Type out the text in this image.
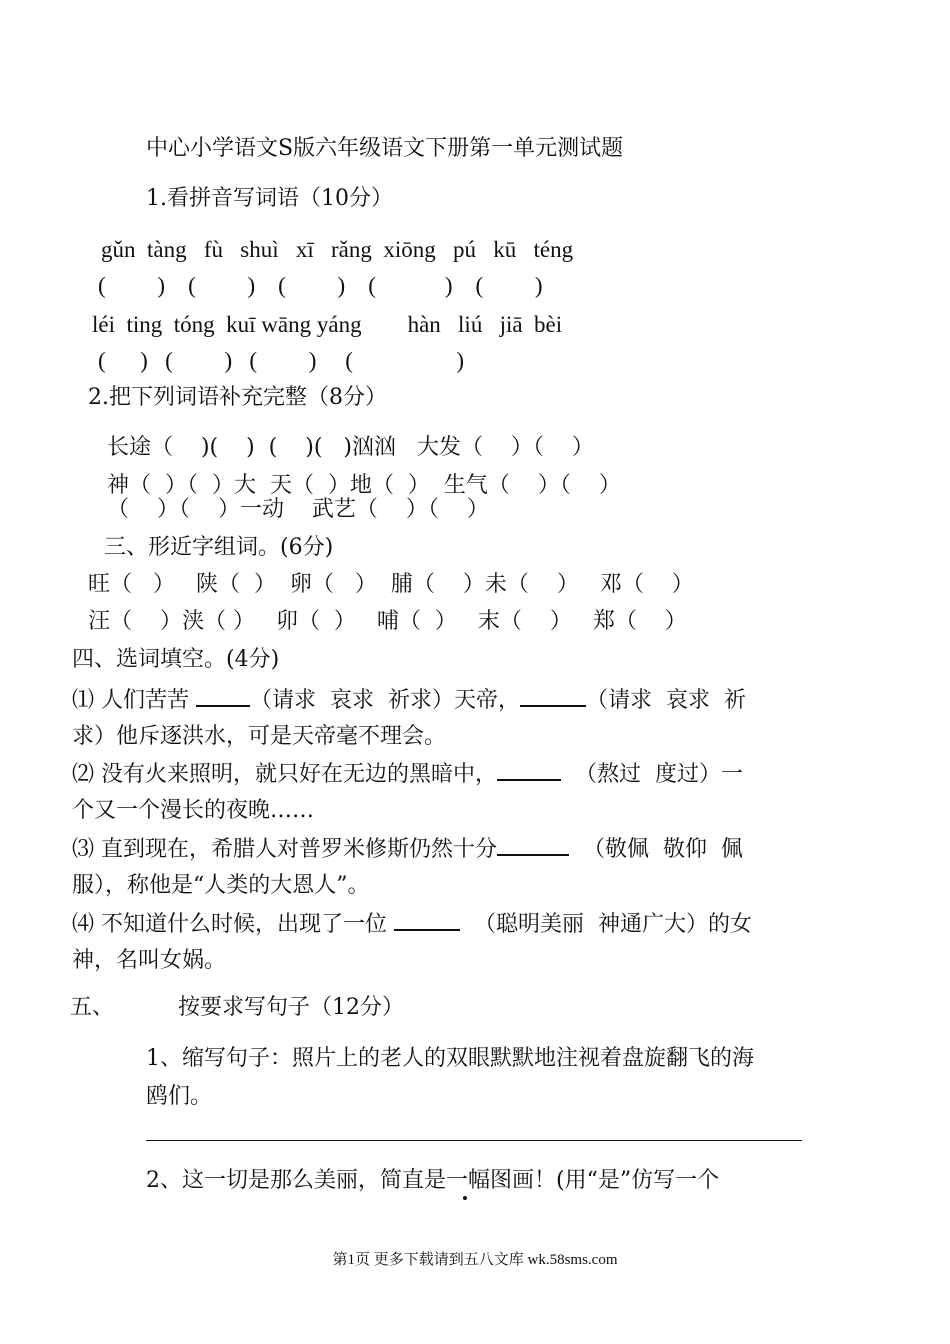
中心小学语文S版六年级语文下册第一单元测试题
1.看拼音写词语（10分）
gǔn  tàng   fù   shuì   xī   rǎng  xiōng   pú   kū   téng
(         )    (         )    (         )    (            )    (         )
léi  ting  tóng  kuī wāng yáng        hàn   liú   jiā  bèi
(      )   (         )   (         )     (                  )
2.把下列词语补充完整（8分）
长途（    )(    )  (    )(   )汹汹   大发（    ）（    ）
神（  ）（  ）大  天（  ）地（  ）  生气（    ）（    ）
（    ）（    ）一动    武艺（    ）（    ）
三、形近字组词。(6分)
旺（   ）   陕（  ）  卵（   ）  脯（    ）未（    ）   邓（    ）
汪（    ）浃（ ）   卯（  ）   哺（  ）   末（    ）   郑（    ）
四、选词填空。(4分)
⑴ 人们苦苦	（请求  哀求  祈求）天帝，	（请求  哀求  祈
求）他斥逐洪水，可是天帝毫不理会。
⑵ 没有火来照明，就只好在无边的黑暗中，	（熬过  度过）一
个又一个漫长的夜晚……
⑶ 直到现在，希腊人对普罗米修斯仍然十分	（敬佩  敬仰  佩
服），称他是“人类的大恩人”。
⑷ 不知道什么时候，出现了一位	（聪明美丽  神通广大）的女
神，名叫女娲。
五、	按要求写句子（12分）
1、缩写句子：照片上的老人的双眼默默地注视着盘旋翻飞的海
鸥们。
2、这一切是那么美丽，简直是一幅图画！(用“是”仿写一个
第1页 更多下载请到五八文库 wk.58sms.com
